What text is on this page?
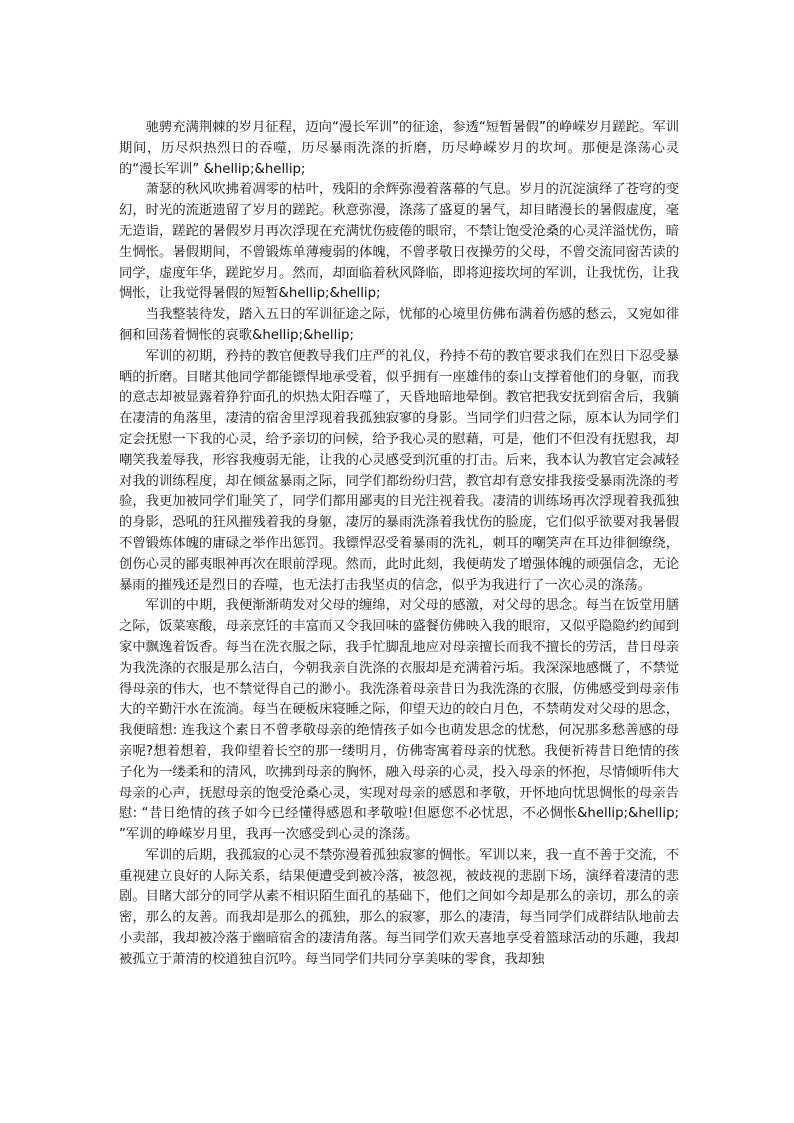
驰骋充满荆棘的岁月征程，迈向“漫长军训”的征途，参透“短暂暑假”的峥嵘岁月蹉跎。军训期间，历尽炽热烈日的吞噬，历尽暴雨洗涤的折磨，历尽峥嵘岁月的坎坷。那便是涤荡心灵的“漫长军训” &hellip;&hellip;

萧瑟的秋风吹拂着凋零的枯叶，残阳的余辉弥漫着落幕的气息。岁月的沉淀演绎了苍穹的变幻，时光的流逝遗留了岁月的蹉跎。秋意弥漫，涤荡了盛夏的暑气，却目睹漫长的暑假虚度，毫无造诣，蹉跎的暑假岁月再次浮现在充满忧伤疲倦的眼帘，不禁让饱受沧桑的心灵洋溢忧伤，暗生惆怅。暑假期间，不曾锻炼单薄瘦弱的体魄，不曾孝敬日夜操劳的父母，不曾交流同窗苦读的同学，虚度年华，蹉跎岁月。然而，却面临着秋风降临，即将迎接坎坷的军训，让我忧伤，让我惆怅，让我觉得暑假的短暂&hellip;&hellip;

当我整装待发，踏入五日的军训征途之际，忧郁的心境里仿佛布满着伤感的愁云，又宛如徘徊和回荡着惆怅的哀歌&hellip;&hellip;

军训的初期，矜持的教官便教导我们庄严的礼仪，矜持不苟的教官要求我们在烈日下忍受暴晒的折磨。目睹其他同学都能镖悍地承受着，似乎拥有一座雄伟的泰山支撑着他们的身躯，而我的意志却被显露着狰狞面孔的炽热太阳吞噬了，天昏地暗地晕倒。教官把我安抚到宿舍后，我躺在凄清的角落里，凄清的宿舍里浮现着我孤独寂寥的身影。当同学们归营之际，原本认为同学们定会抚慰一下我的心灵，给予亲切的问候，给予我心灵的慰藉，可是，他们不但没有抚慰我，却嘲笑我羞辱我，形容我瘦弱无能，让我的心灵感受到沉重的打击。后来，我本认为教官定会减轻对我的训练程度，却在倾盆暴雨之际，同学们都纷纷归营，教官却有意安排我接受暴雨洗涤的考验，我更加被同学们耻笑了，同学们都用鄙夷的目光注视着我。凄清的训练场再次浮现着我孤独的身影，恐吼的狂风摧残着我的身躯，凄厉的暴雨洗涤着我忧伤的脸庞，它们似乎欲要对我暑假不曾锻炼体魄的庸碌之举作出惩罚。我镖悍忍受着暴雨的洗礼，刺耳的嘲笑声在耳边徘徊缭绕，创伤心灵的鄙夷眼神再次在眼前浮现。然而，此时此刻，我便萌发了增强体魄的顽强信念，无论暴雨的摧残还是烈日的吞噬，也无法打击我坚贞的信念，似乎为我进行了一次心灵的涤荡。

军训的中期，我便渐渐萌发对父母的缠绵，对父母的感激，对父母的思念。每当在饭堂用膳之际，饭菜寒酸，母亲烹饪的丰富而又令我回味的盛餐仿佛映入我的眼帘，又似乎隐隐约约闻到家中飘逸着饭香。每当在洗衣服之际，我手忙脚乱地应对母亲擅长而我不擅长的劳活，昔日母亲为我洗涤的衣服是那么洁白，今朝我亲自洗涤的衣服却是充满着污垢。我深深地感慨了，不禁觉得母亲的伟大，也不禁觉得自己的渺小。我洗涤着母亲昔日为我洗涤的衣服，仿佛感受到母亲伟大的辛勤汗水在流淌。每当在硬板床寝睡之际，仰望天边的皎白月色，不禁萌发对父母的思念，我便暗想: 连我这个素日不曾孝敬母亲的绝情孩子如今也萌发思念的忧愁，何况那多愁善感的母亲呢?想着想着，我仰望着长空的那一缕明月，仿佛寄寓着母亲的忧愁。我便祈祷昔日绝情的孩子化为一缕柔和的清风，吹拂到母亲的胸怀，融入母亲的心灵，投入母亲的怀抱，尽情倾听伟大母亲的心声，抚慰母亲的饱受沧桑心灵，实现对母亲的感恩和孝敬，开怀地向忧思惆怅的母亲告慰: “昔日绝情的孩子如今已经懂得感恩和孝敬啦!但愿您不必忧思，不必惆怅&hellip;&hellip; ”军训的峥嵘岁月里，我再一次感受到心灵的涤荡。

军训的后期，我孤寂的心灵不禁弥漫着孤独寂寥的惆怅。军训以来，我一直不善于交流，不重视建立良好的人际关系，结果便遭受到被冷落，被忽视，被歧视的悲剧下场，演绎着凄清的悲剧。目睹大部分的同学从素不相识陌生面孔的基础下，他们之间如今却是那么的亲切，那么的亲密，那么的友善。而我却是那么的孤独，那么的寂寥，那么的凄清，每当同学们成群结队地前去小卖部，我却被冷落于幽暗宿舍的凄清角落。每当同学们欢天喜地享受着篮球活动的乐趣，我却被孤立于萧清的校道独自沉吟。每当同学们共同分享美味的零食，我却独
